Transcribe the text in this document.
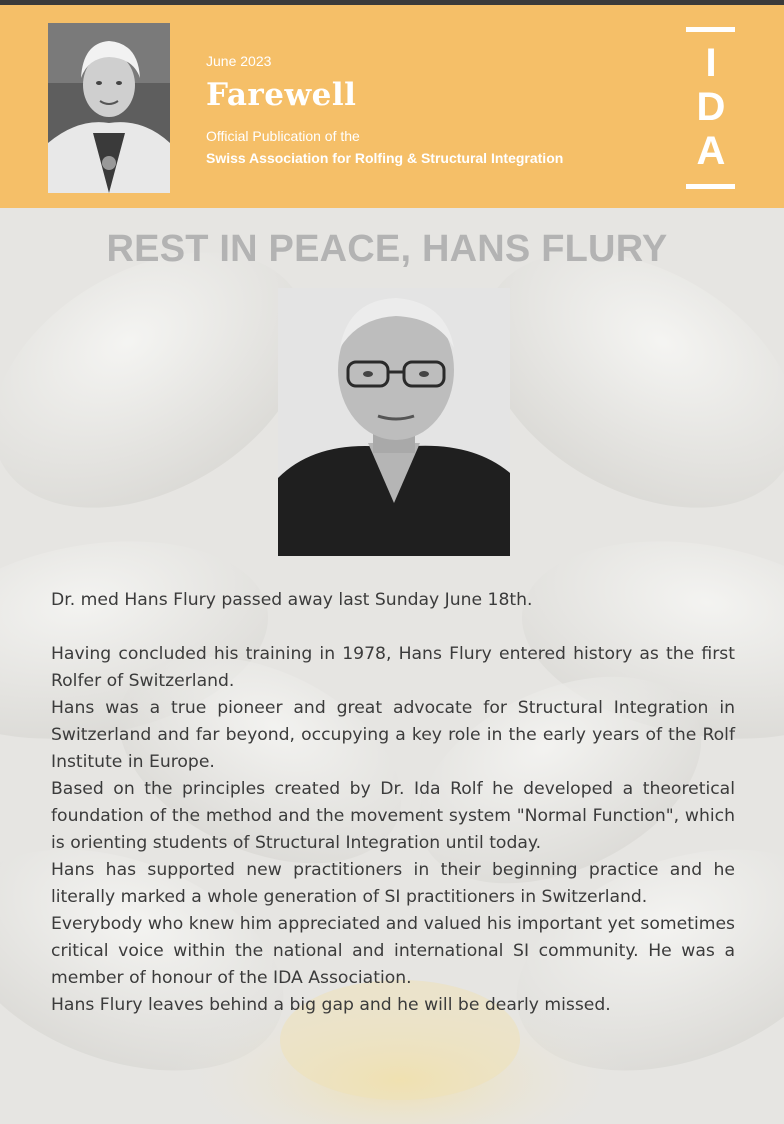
June 2023
Farewell
Official Publication of the
Swiss Association for Rolfing & Structural Integration
I
D
A
REST IN PEACE, HANS FLURY

Dr. med Hans Flury passed away last Sunday June 18th.

Having concluded his training in 1978, Hans Flury entered history as the first Rolfer of Switzerland.

Hans was a true pioneer and great advocate for Structural Integration in Switzerland and far beyond, occupying a key role in the early years of the Rolf Institute in Europe.

Based on the principles created by Dr. Ida Rolf he developed a theoretical foundation of the method and the movement system "Normal Function", which is orienting students of Structural Integration until today.

Hans has supported new practitioners in their beginning practice and he literally marked a whole generation of SI practitioners in Switzerland.

Everybody who knew him appreciated and valued his important yet sometimes critical voice within the national and international SI community. He was a member of honour of the IDA Association.

Hans Flury leaves behind a big gap and he will be dearly missed.
